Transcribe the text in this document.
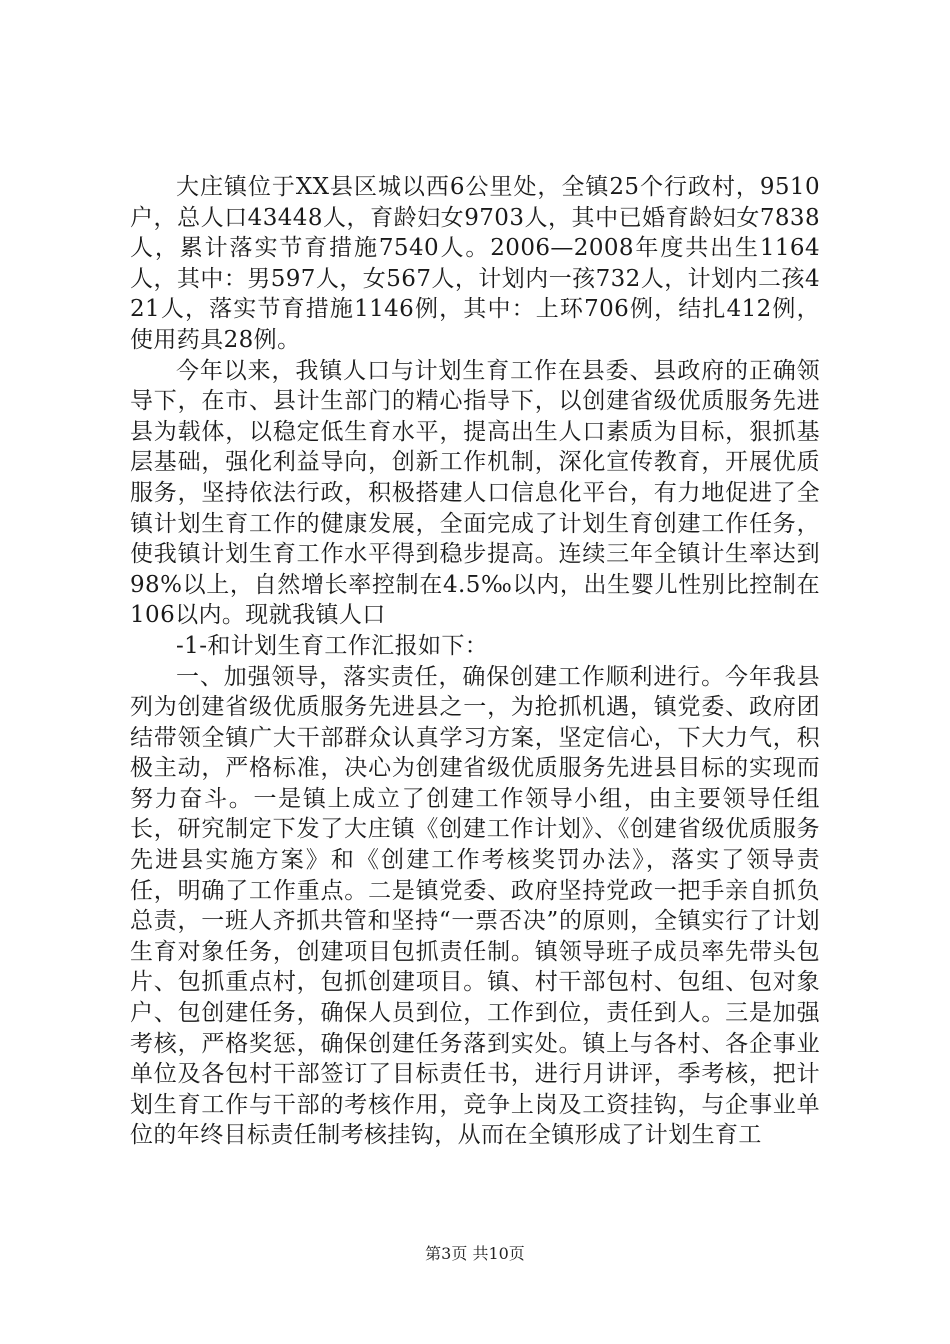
大庄镇位于XX县区城以西6公里处，全镇25个行政村，9510户，总人口43448人，育龄妇女9703人，其中已婚育龄妇女7838人，累计落实节育措施7540人。2006—2008年度共出生1164人，其中：男597人，女567人，计划内一孩732人，计划内二孩421人，落实节育措施1146例，其中：上环706例，结扎412例，使用药具28例。

今年以来，我镇人口与计划生育工作在县委、县政府的正确领导下，在市、县计生部门的精心指导下，以创建省级优质服务先进县为载体，以稳定低生育水平，提高出生人口素质为目标，狠抓基层基础，强化利益导向，创新工作机制，深化宣传教育，开展优质服务，坚持依法行政，积极搭建人口信息化平台，有力地促进了全镇计划生育工作的健康发展，全面完成了计划生育创建工作任务，使我镇计划生育工作水平得到稳步提高。连续三年全镇计生率达到98%以上，自然增长率控制在4.5‰以内，出生婴儿性别比控制在106以内。现就我镇人口

-1-和计划生育工作汇报如下：

一、加强领导，落实责任，确保创建工作顺利进行。今年我县列为创建省级优质服务先进县之一，为抢抓机遇，镇党委、政府团结带领全镇广大干部群众认真学习方案，坚定信心，下大力气，积极主动，严格标准，决心为创建省级优质服务先进县目标的实现而努力奋斗。一是镇上成立了创建工作领导小组，由主要领导任组长，研究制定下发了大庄镇《创建工作计划》、《创建省级优质服务先进县实施方案》和《创建工作考核奖罚办法》，落实了领导责任，明确了工作重点。二是镇党委、政府坚持党政一把手亲自抓负总责，一班人齐抓共管和坚持“一票否决”的原则，全镇实行了计划生育对象任务，创建项目包抓责任制。镇领导班子成员率先带头包片、包抓重点村，包抓创建项目。镇、村干部包村、包组、包对象户、包创建任务，确保人员到位，工作到位，责任到人。三是加强考核，严格奖惩，确保创建任务落到实处。镇上与各村、各企事业单位及各包村干部签订了目标责任书，进行月讲评，季考核，把计划生育工作与干部的考核作用，竞争上岗及工资挂钩，与企事业单位的年终目标责任制考核挂钩，从而在全镇形成了计划生育工

第3页 共10页
